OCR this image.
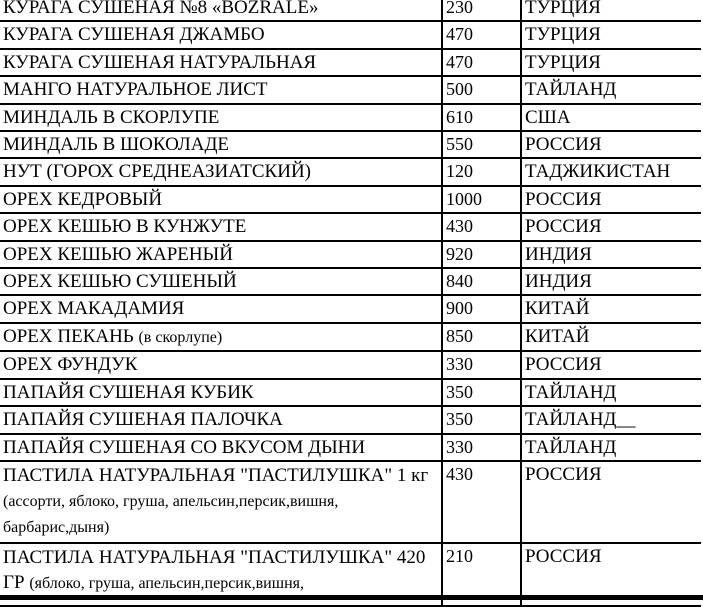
КУРАГА СУШЕНАЯ №8 «BOZRALE»	230	ТУРЦИЯ
КУРАГА СУШЕНАЯ ДЖАМБО	470	ТУРЦИЯ
КУРАГА СУШЕНАЯ НАТУРАЛЬНАЯ	470	ТУРЦИЯ
МАНГО НАТУРАЛЬНОЕ ЛИСТ	500	ТАЙЛАНД
МИНДАЛЬ В СКОРЛУПЕ	610	США
МИНДАЛЬ В ШОКОЛАДЕ	550	РОССИЯ
НУТ (ГОРОХ СРЕДНЕАЗИАТСКИЙ)	120	ТАДЖИКИСТАН
ОРЕХ КЕДРОВЫЙ	1000	РОССИЯ
ОРЕХ КЕШЬЮ В КУНЖУТЕ	430	РОССИЯ
ОРЕХ КЕШЬЮ ЖАРЕНЫЙ	920	ИНДИЯ
ОРЕХ КЕШЬЮ СУШЕНЫЙ	840	ИНДИЯ
ОРЕХ МАКАДАМИЯ	900	КИТАЙ
ОРЕХ ПЕКАНЬ (в скорлупе)	850	КИТАЙ
ОРЕХ ФУНДУК	330	РОССИЯ
ПАПАЙЯ СУШЕНАЯ КУБИК	350	ТАЙЛАНД
ПАПАЙЯ СУШЕНАЯ ПАЛОЧКА	350	ТАЙЛАНД__
ПАПАЙЯ СУШЕНАЯ СО ВКУСОМ ДЫНИ	330	ТАЙЛАНД
ПАСТИЛА НАТУРАЛЬНАЯ "ПАСТИЛУШКА" 1 кг (ассорти, яблоко, груша, апельсин,персик,вишня, барбарис,дыня)	430	РОССИЯ
ПАСТИЛА НАТУРАЛЬНАЯ "ПАСТИЛУШКА" 420 ГР (яблоко, груша, апельсин,персик,вишня,	210	РОССИЯ
